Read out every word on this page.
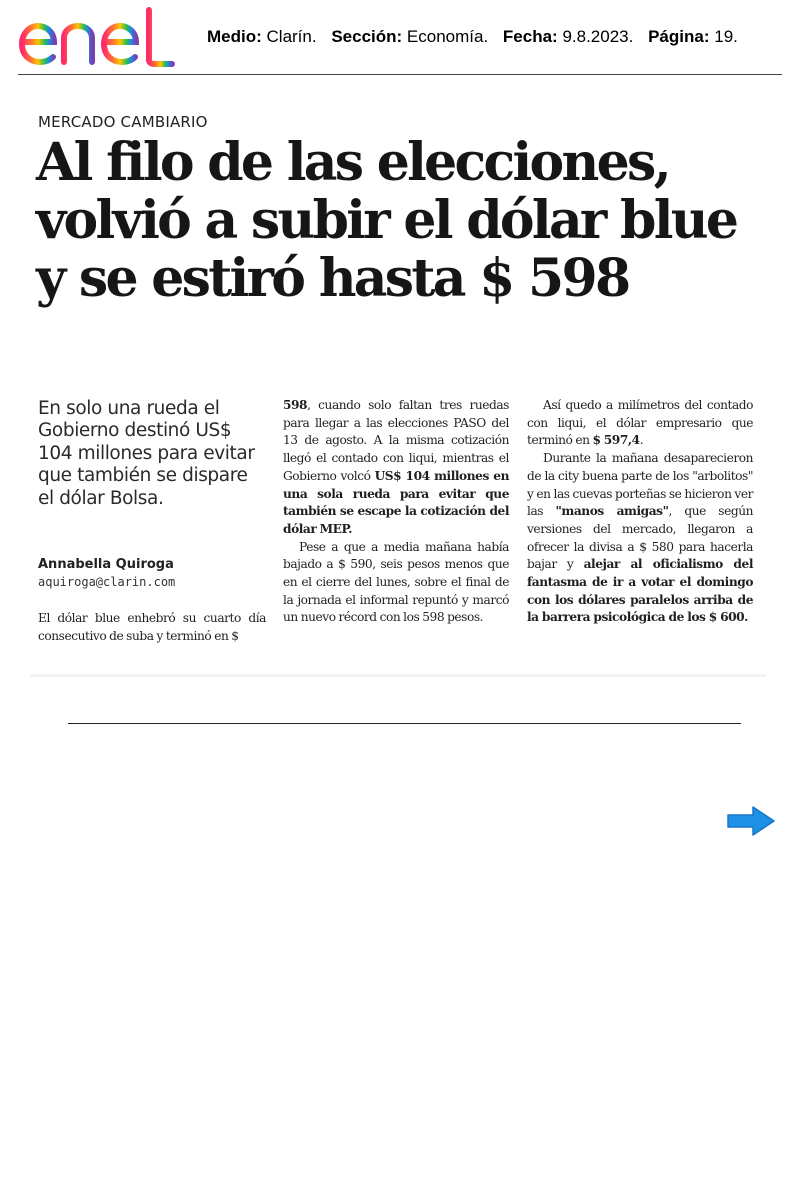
enel
Medio: Clarín. Sección: Economía. Fecha: 9.8.2023. Página: 19.
MERCADO CAMBIARIO
Al filo de las elecciones,
volvió a subir el dólar blue
y se estiró hasta $ 598
En solo una rueda el Gobierno destinó US$ 104 millones para evitar que también se dispare el dólar Bolsa.
Annabella Quiroga
aquiroga@clarin.com

El dólar blue enhebró su cuarto día consecutivo de suba y terminó en $

598, cuando solo faltan tres ruedas para llegar a las elecciones PASO del 13 de agosto. A la misma cotización llegó el contado con liqui, mientras el Gobierno volcó US$ 104 millones en una sola rueda para evitar que también se escape la cotización del dólar MEP.

Pese a que a media mañana había bajado a $ 590, seis pesos menos que en el cierre del lunes, sobre el final de la jornada el informal repuntó y marcó un nuevo récord con los 598 pesos.

Así quedo a milímetros del contado con liqui, el dólar empresario que terminó en $ 597,4.

Durante la mañana desaparecieron de la city buena parte de los "arbolitos" y en las cuevas porteñas se hicieron ver las "manos amigas", que según versiones del mercado, llegaron a ofrecer la divisa a $ 580 para hacerla bajar y alejar al oficialismo del fantasma de ir a votar el domingo con los dólares paralelos arriba de la barrera psicológica de los $ 600.
